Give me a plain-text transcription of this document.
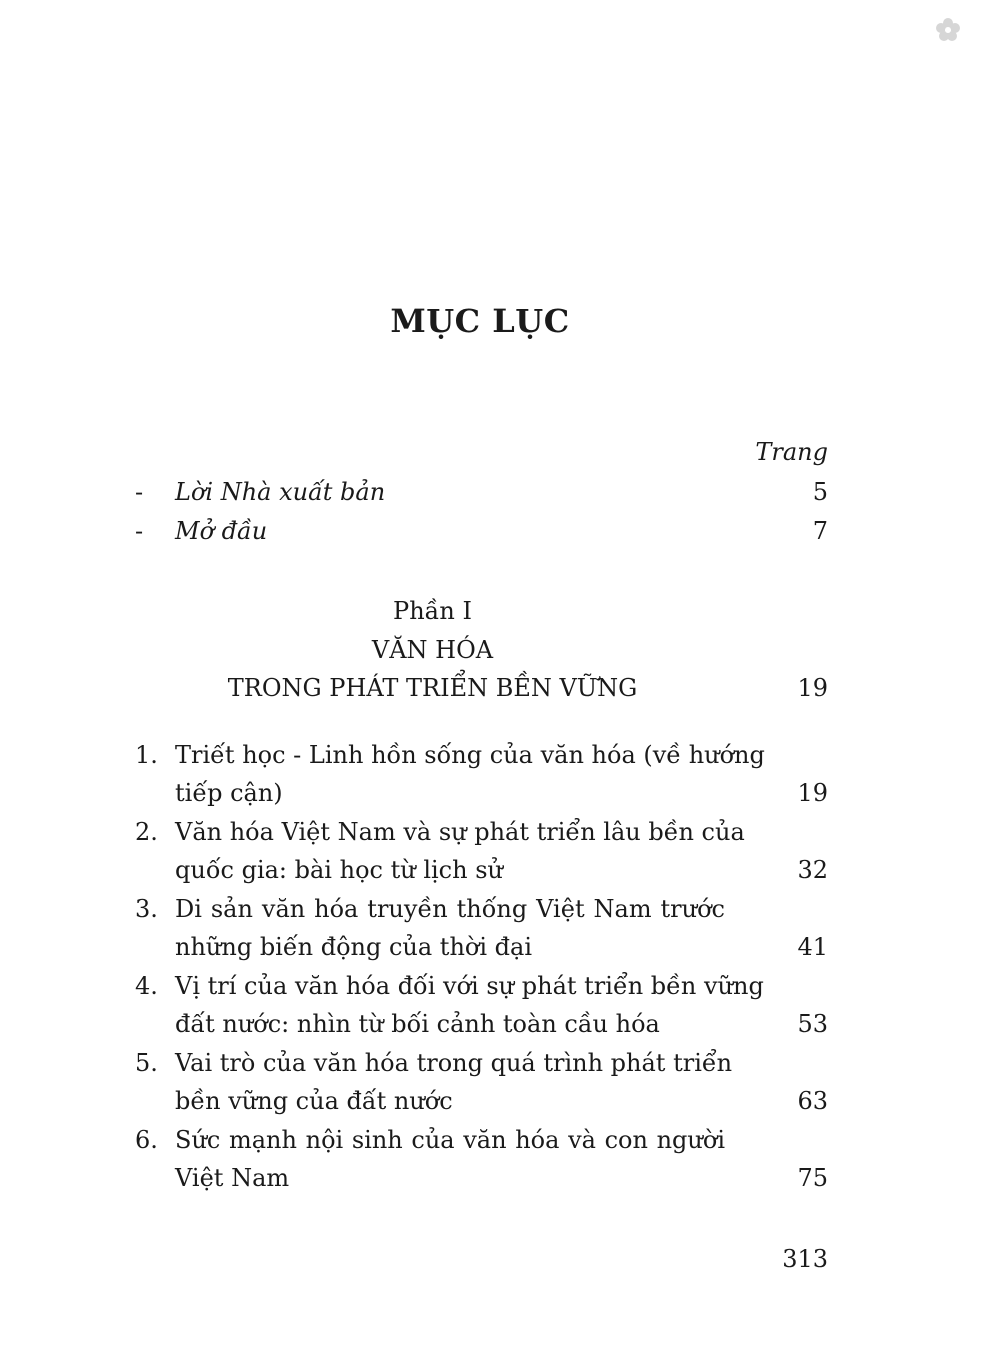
MỤC LỤC
Trang
- Lời Nhà xuất bản	5
- Mở đầu	7
Phần I
VĂN HÓA
TRONG PHÁT TRIỂN BỀN VỮNG	19
1. Triết học - Linh hồn sống của văn hóa (về hướng
tiếp cận)	19
2. Văn hóa Việt Nam và sự phát triển lâu bền của
quốc gia: bài học từ lịch sử	32
3. Di sản văn hóa truyền thống Việt Nam trước
những biến động của thời đại	41
4. Vị trí của văn hóa đối với sự phát triển bền vững
đất nước: nhìn từ bối cảnh toàn cầu hóa	53
5. Vai trò của văn hóa trong quá trình phát triển
bền vững của đất nước	63
6. Sức mạnh nội sinh của văn hóa và con người
Việt Nam	75
313
